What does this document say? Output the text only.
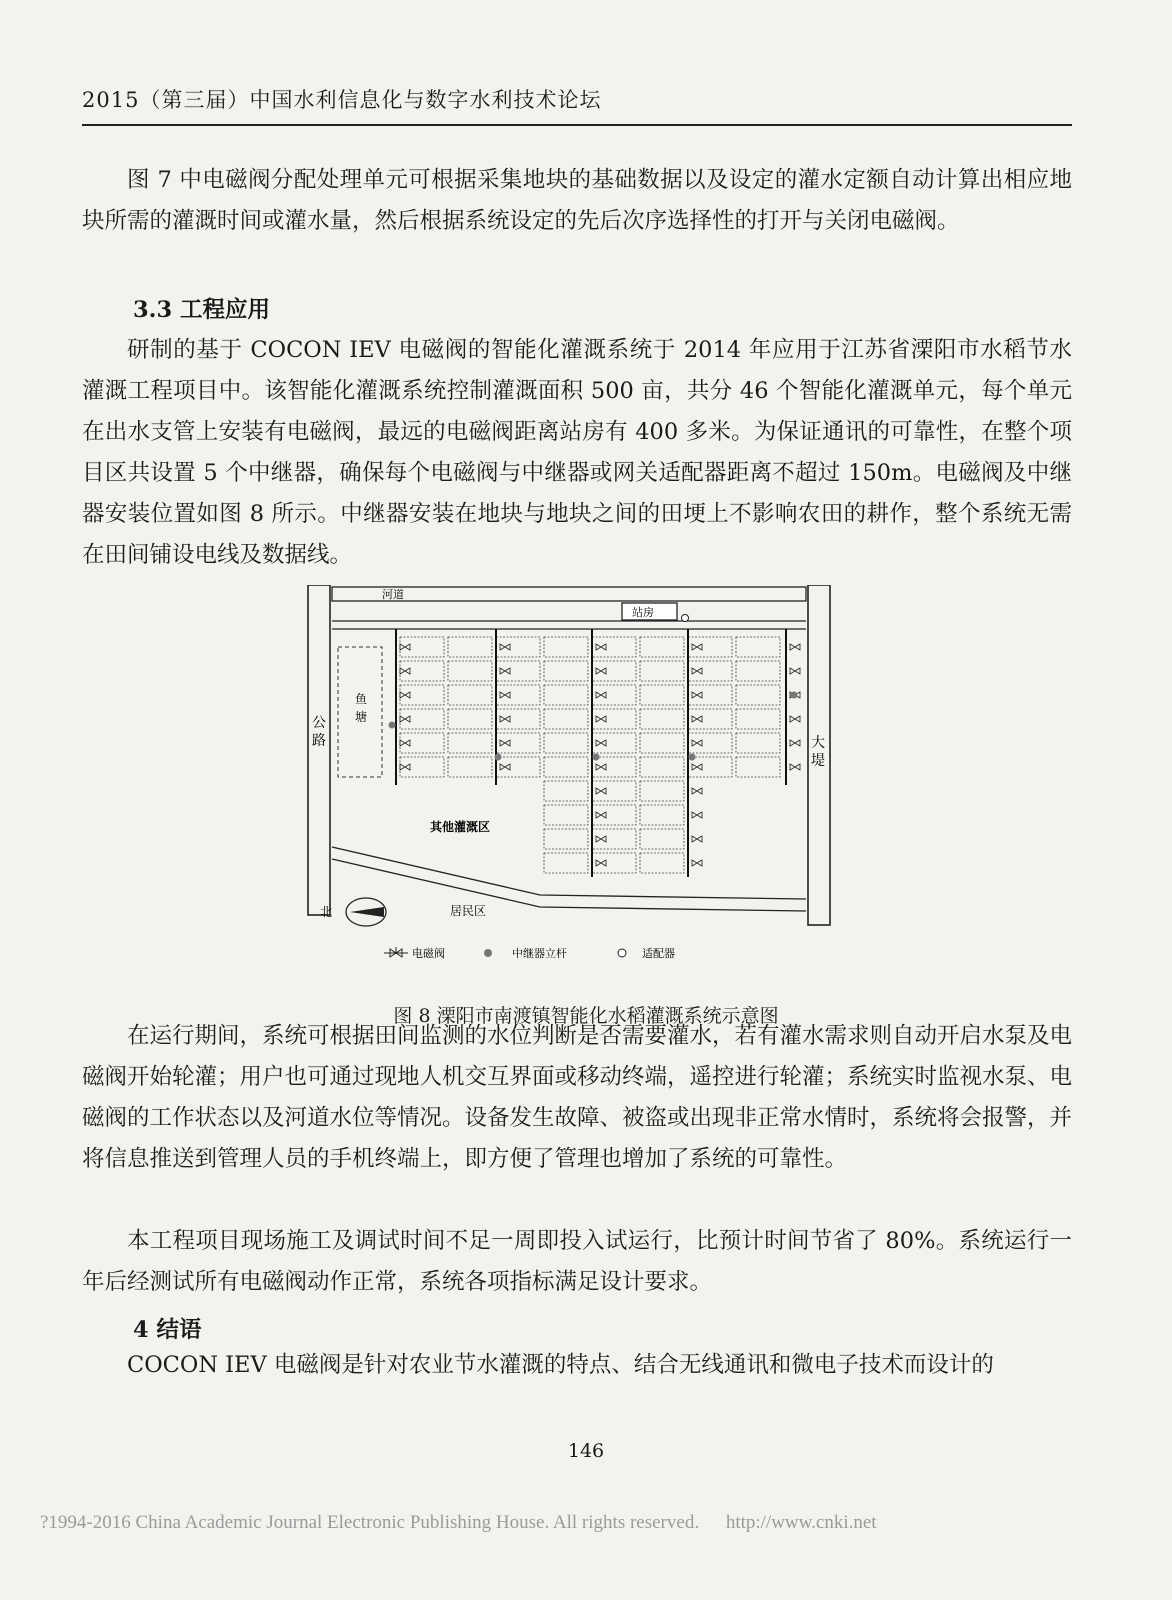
2015（第三届）中国水利信息化与数字水利技术论坛

图 7 中电磁阀分配处理单元可根据采集地块的基础数据以及设定的灌水定额自动计算出相应地块所需的灌溉时间或灌水量，然后根据系统设定的先后次序选择性的打开与关闭电磁阀。

3.3 工程应用

研制的基于 COCON IEV 电磁阀的智能化灌溉系统于 2014 年应用于江苏省溧阳市水稻节水灌溉工程项目中。该智能化灌溉系统控制灌溉面积 500 亩，共分 46 个智能化灌溉单元，每个单元在出水支管上安装有电磁阀，最远的电磁阀距离站房有 400 多米。为保证通讯的可靠性，在整个项目区共设置 5 个中继器，确保每个电磁阀与中继器或网关适配器距离不超过 150m。电磁阀及中继器安装位置如图 8 所示。中继器安装在地块与地块之间的田埂上不影响农田的耕作，整个系统无需在田间铺设电线及数据线。

河道
站房
鱼
塘
公
路	大
堤
其他灌溉区
居民区
北
电磁阀	中继器立杆	适配器
图 8 溧阳市南渡镇智能化水稻灌溉系统示意图

在运行期间，系统可根据田间监测的水位判断是否需要灌水，若有灌水需求则自动开启水泵及电磁阀开始轮灌；用户也可通过现地人机交互界面或移动终端，遥控进行轮灌；系统实时监视水泵、电磁阀的工作状态以及河道水位等情况。设备发生故障、被盗或出现非正常水情时，系统将会报警，并将信息推送到管理人员的手机终端上，即方便了管理也增加了系统的可靠性。

本工程项目现场施工及调试时间不足一周即投入试运行，比预计时间节省了 80%。系统运行一年后经测试所有电磁阀动作正常，系统各项指标满足设计要求。

4 结语

COCON IEV 电磁阀是针对农业节水灌溉的特点、结合无线通讯和微电子技术而设计的

146
?1994-2016 China Academic Journal Electronic Publishing House. All rights reserved. http://www.cnki.net
